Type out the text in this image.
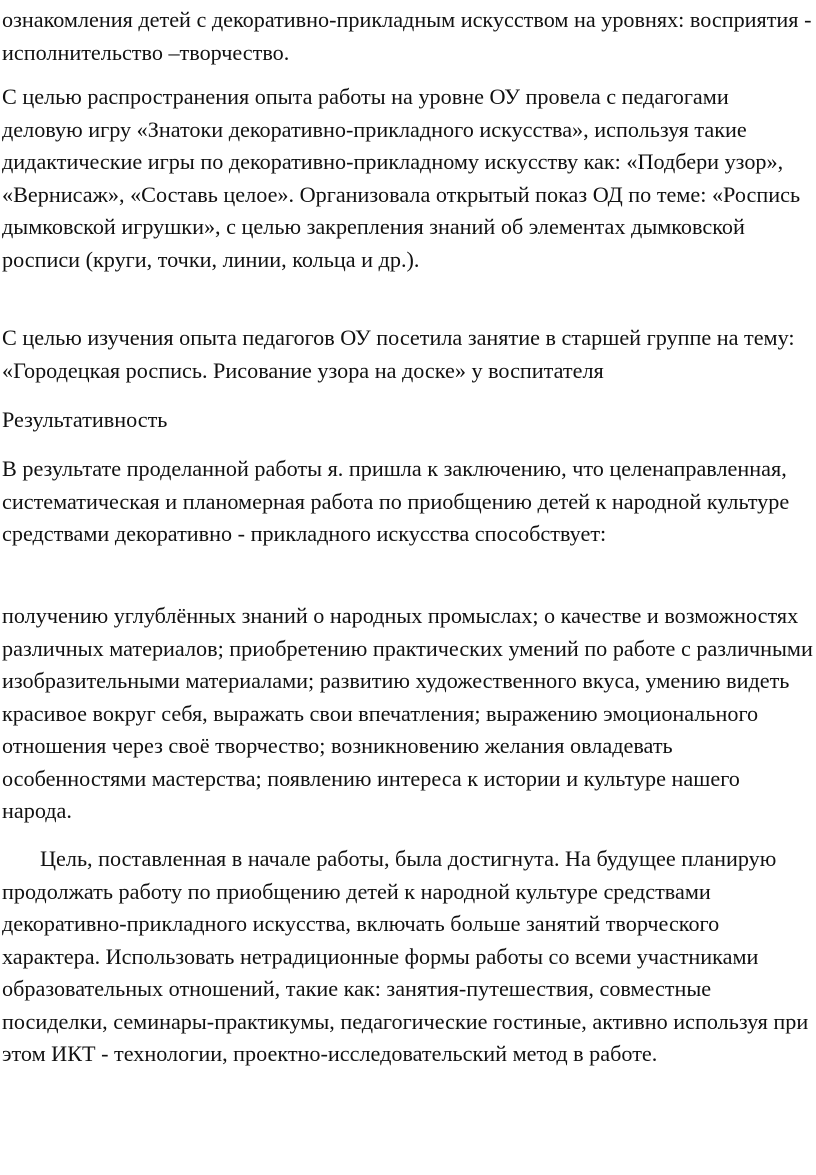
ознакомления детей с декоративно-прикладным искусством на уровнях: восприятия - исполнительство –творчество.

С целью распространения опыта работы на уровне ОУ провела с педагогами деловую игру «Знатоки декоративно-прикладного искусства», используя такие дидактические игры по декоративно-прикладному искусству как: «Подбери узор», «Вернисаж», «Составь целое». Организовала открытый показ ОД по теме: «Роспись дымковской игрушки», с целью закрепления знаний об элементах дымковской росписи (круги, точки, линии, кольца и др.).

С целью изучения опыта педагогов ОУ посетила занятие в старшей группе на тему: «Городецкая роспись. Рисование узора на доске» у воспитателя

Результативность

В результате проделанной работы я. пришла к заключению, что целенаправленная, систематическая и планомерная работа по приобщению детей к народной культуре средствами декоративно - прикладного искусства способствует:

получению углублённых знаний о народных промыслах; о качестве и возможностях различных материалов; приобретению практических умений по работе с различными изобразительными материалами; развитию художественного вкуса, умению видеть красивое вокруг себя, выражать свои впечатления; выражению эмоционального отношения через своё творчество; возникновению желания овладевать особенностями мастерства; появлению интереса к истории и культуре нашего народа.

Цель, поставленная в начале работы, была достигнута. На будущее планирую продолжать работу по приобщению детей к народной культуре средствами декоративно-прикладного искусства, включать больше занятий творческого характера. Использовать нетрадиционные формы работы со всеми участниками образовательных отношений, такие как: занятия-путешествия, совместные посиделки, семинары-практикумы, педагогические гостиные, активно используя при этом ИКТ - технологии, проектно-исследовательский метод в работе.
